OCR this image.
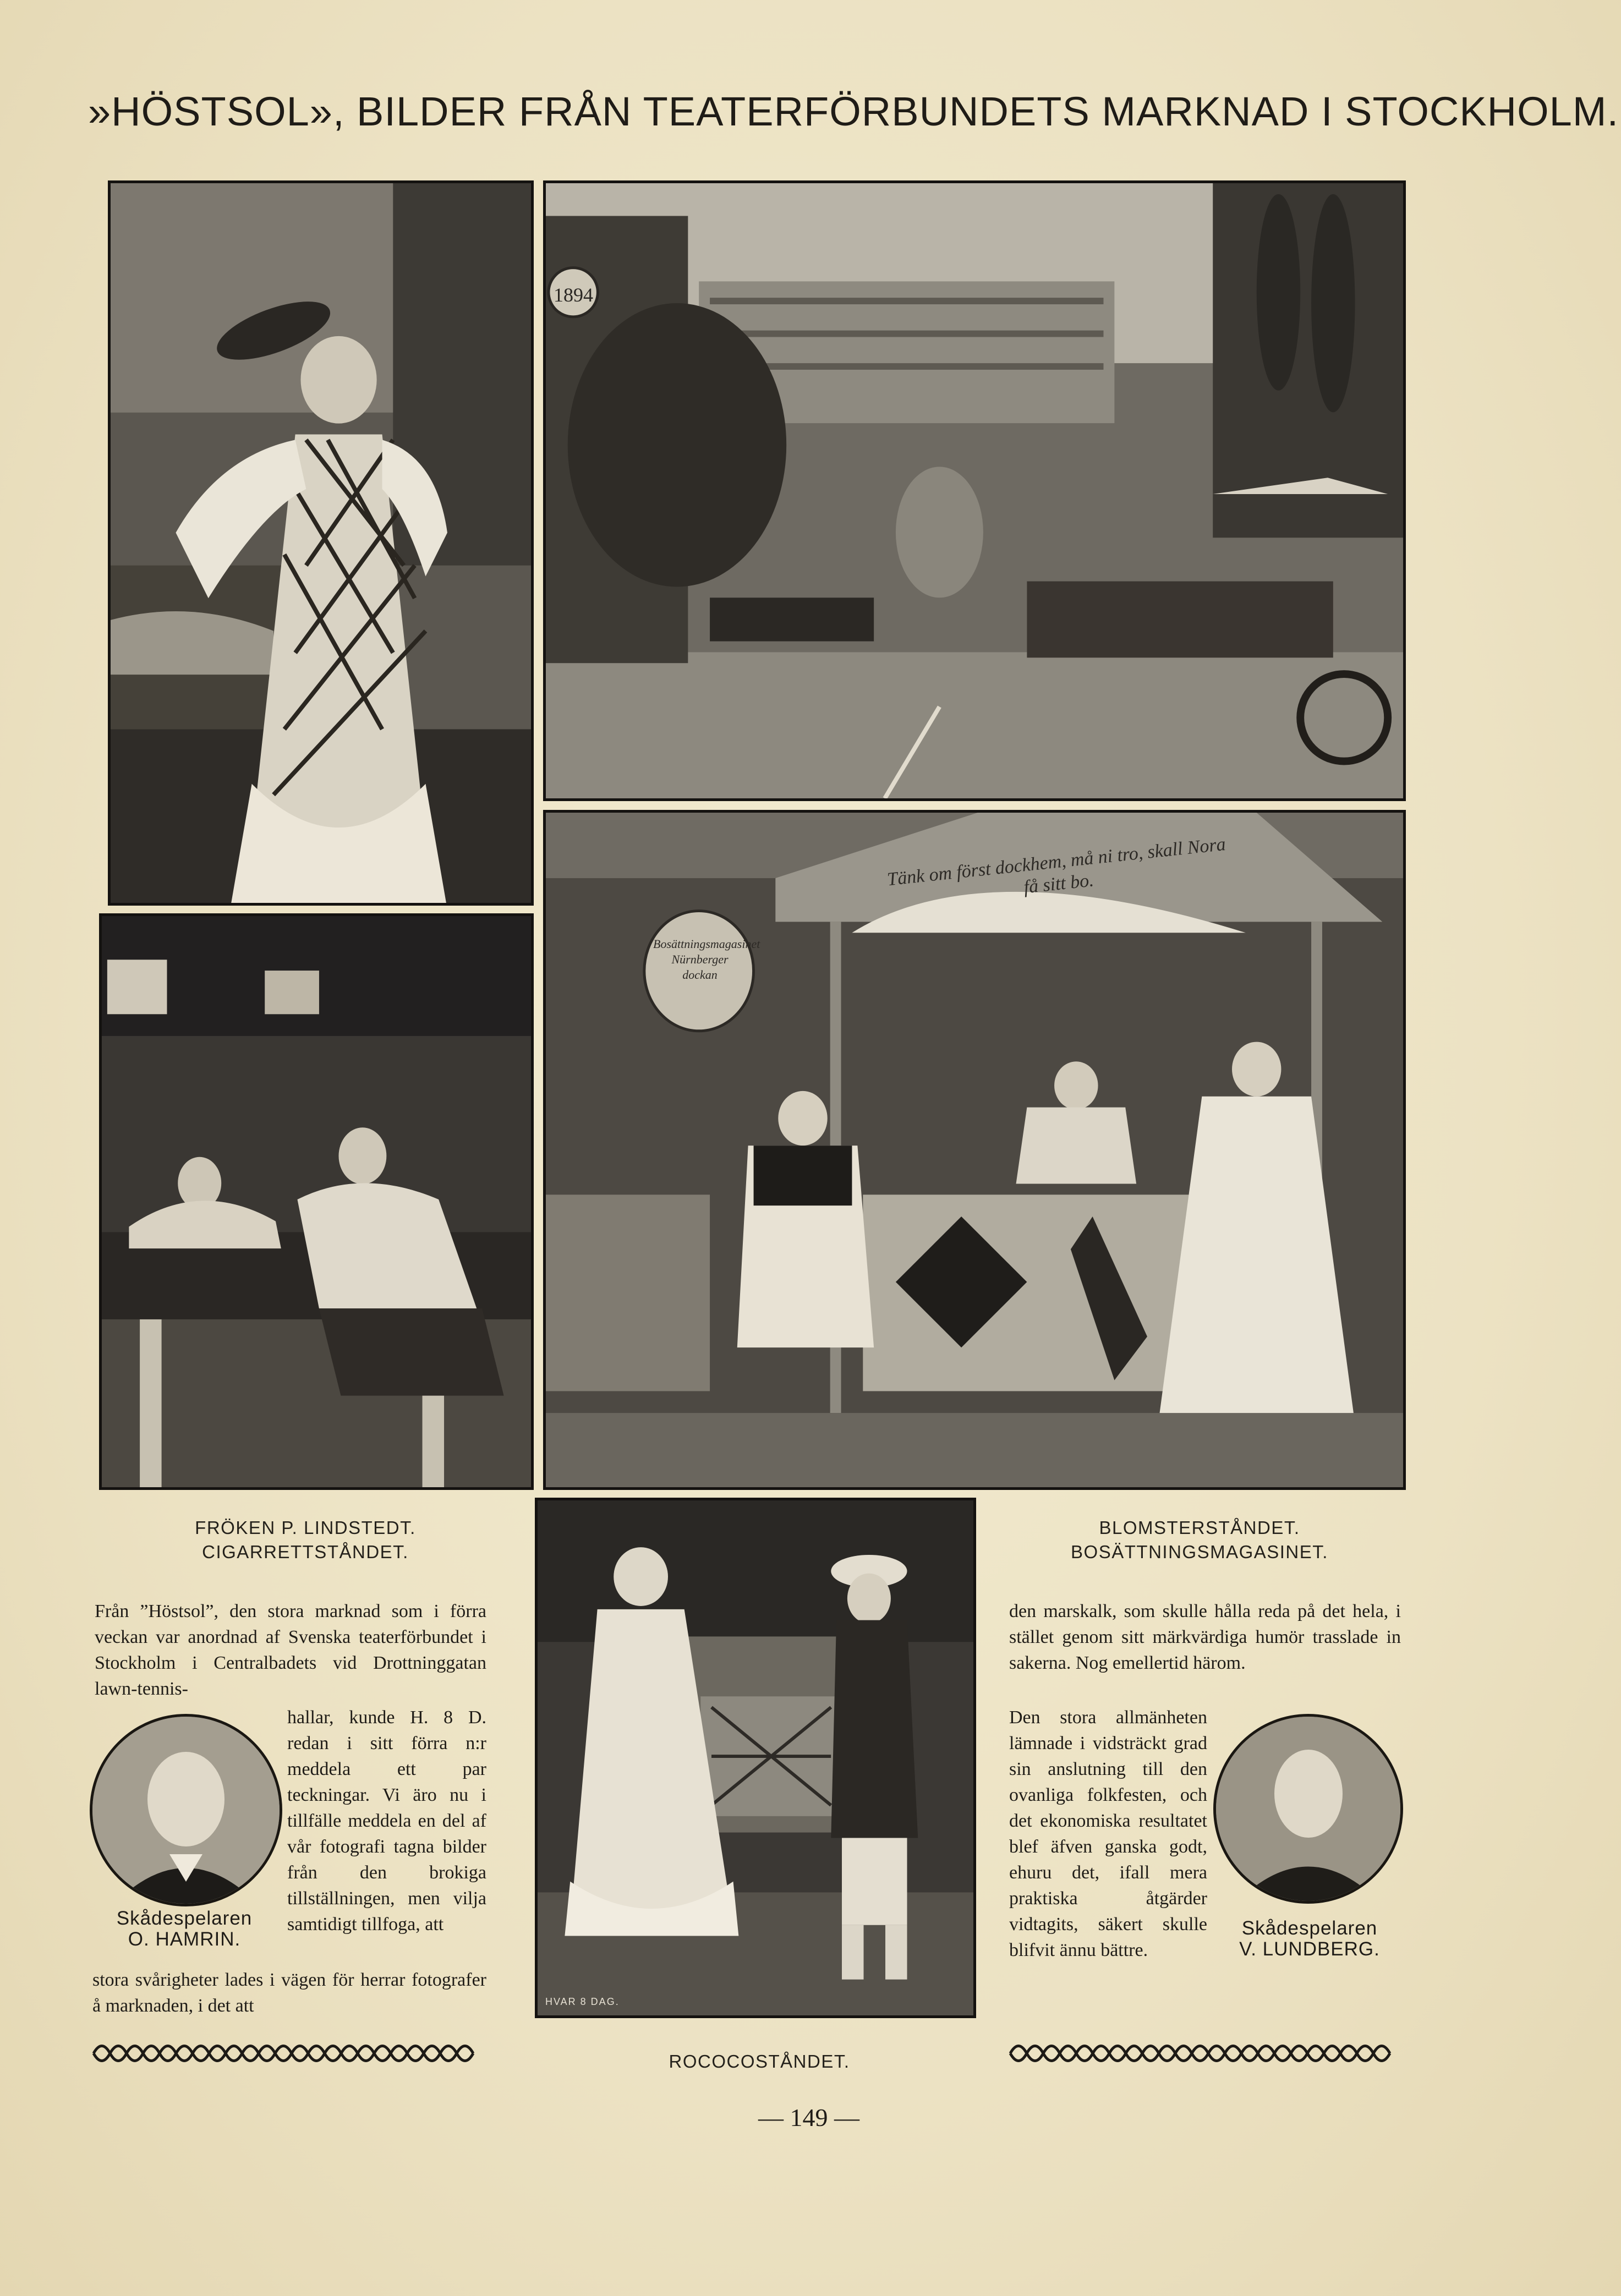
»HÖSTSOL», BILDER FRÅN TEATERFÖRBUNDETS MARKNAD I STOCKHOLM.
1894
Tänk om först dockhem, må ni tro, skall Nora få sitt bo.
Bosättningsmagasinet Nürnberger dockan
HVAR 8 DAG.
FRÖKEN P. LINDSTEDT.
CIGARRETTSTÅNDET.
BLOMSTERSTÅNDET.
BOSÄTTNINGSMAGASINET.
ROCOCOSTÅNDET.
Från ”Höstsol”, den stora marknad som i förra veckan var anordnad af Svenska teaterförbundet i Stockholm i Centralbadets vid Drottninggatan lawn-tennis-
hallar, kunde H. 8 D. redan i sitt förra n:r meddela ett par teckningar. Vi äro nu i tillfälle meddela en del af vår fotografi tagna bilder från den brokiga tillställningen, men vilja samtidigt tillfoga, att
stora svårigheter lades i vägen för herrar fotografer å marknaden, i det att
Skådespelaren
O. HAMRIN.
den marskalk, som skulle hålla reda på det hela, i stället genom sitt märkvärdiga humör trasslade in sakerna. Nog emellertid härom.
Den stora allmänheten lämnade i vidsträckt grad sin anslutning till den ovanliga folkfesten, och det ekonomiska resultatet blef äfven ganska godt, ehuru det, ifall mera praktiska åtgärder vidtagits, säkert skulle blifvit ännu bättre.
Skådespelaren
V. LUNDBERG.
— 149 —
